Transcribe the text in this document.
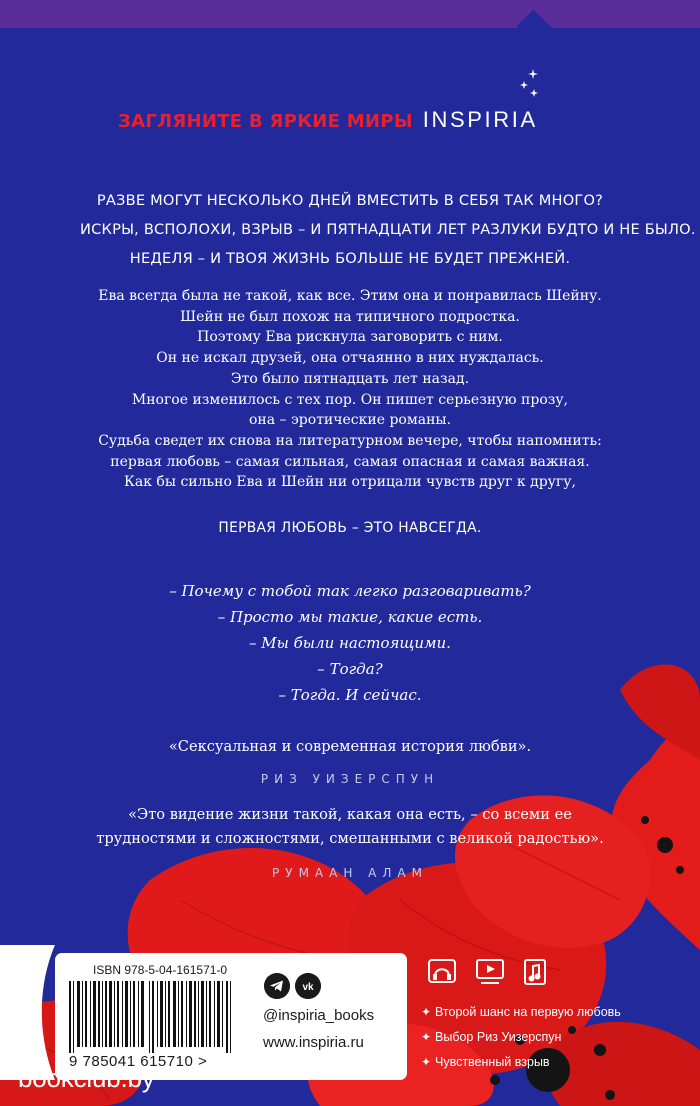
ЗАГЛЯНИТЕ В ЯРКИЕ МИРЫ INSPIRIA
РАЗВЕ МОГУТ НЕСКОЛЬКО ДНЕЙ ВМЕСТИТЬ В СЕБЯ ТАК МНОГО?
ИСКРЫ, ВСПОЛОХИ, ВЗРЫВ – И ПЯТНАДЦАТИ ЛЕТ РАЗЛУКИ БУДТО И НЕ БЫЛО.
НЕДЕЛЯ – И ТВОЯ ЖИЗНЬ БОЛЬШЕ НЕ БУДЕТ ПРЕЖНЕЙ.
Ева всегда была не такой, как все. Этим она и понравилась Шейну.
Шейн не был похож на типичного подростка.
Поэтому Ева рискнула заговорить с ним.
Он не искал друзей, она отчаянно в них нуждалась.
Это было пятнадцать лет назад.
Многое изменилось с тех пор. Он пишет серьезную прозу,
она – эротические романы.
Судьба сведет их снова на литературном вечере, чтобы напомнить:
первая любовь – самая сильная, самая опасная и самая важная.
Как бы сильно Ева и Шейн ни отрицали чувств друг к другу,
ПЕРВАЯ ЛЮБОВЬ – ЭТО НАВСЕГДА.
– Почему с тобой так легко разговаривать?
– Просто мы такие, какие есть.
– Мы были настоящими.
– Тогда?
– Тогда. И сейчас.
«Сексуальная и современная история любви».
РИЗ УИЗЕРСПУН
«Это видение жизни такой, какая она есть, – со всеми ее
трудностями и сложностями, смешанными с великой радостью».
РУМААН АЛАМ
ISBN 978-5-04-161571-0
9 785041 615710 >
vk
@inspiria_books
www.inspiria.ru
✦ Второй шанс на первую любовь
✦ Выбор Риз Уизерспун
✦ Чувственный взрыв
bookclub.by
